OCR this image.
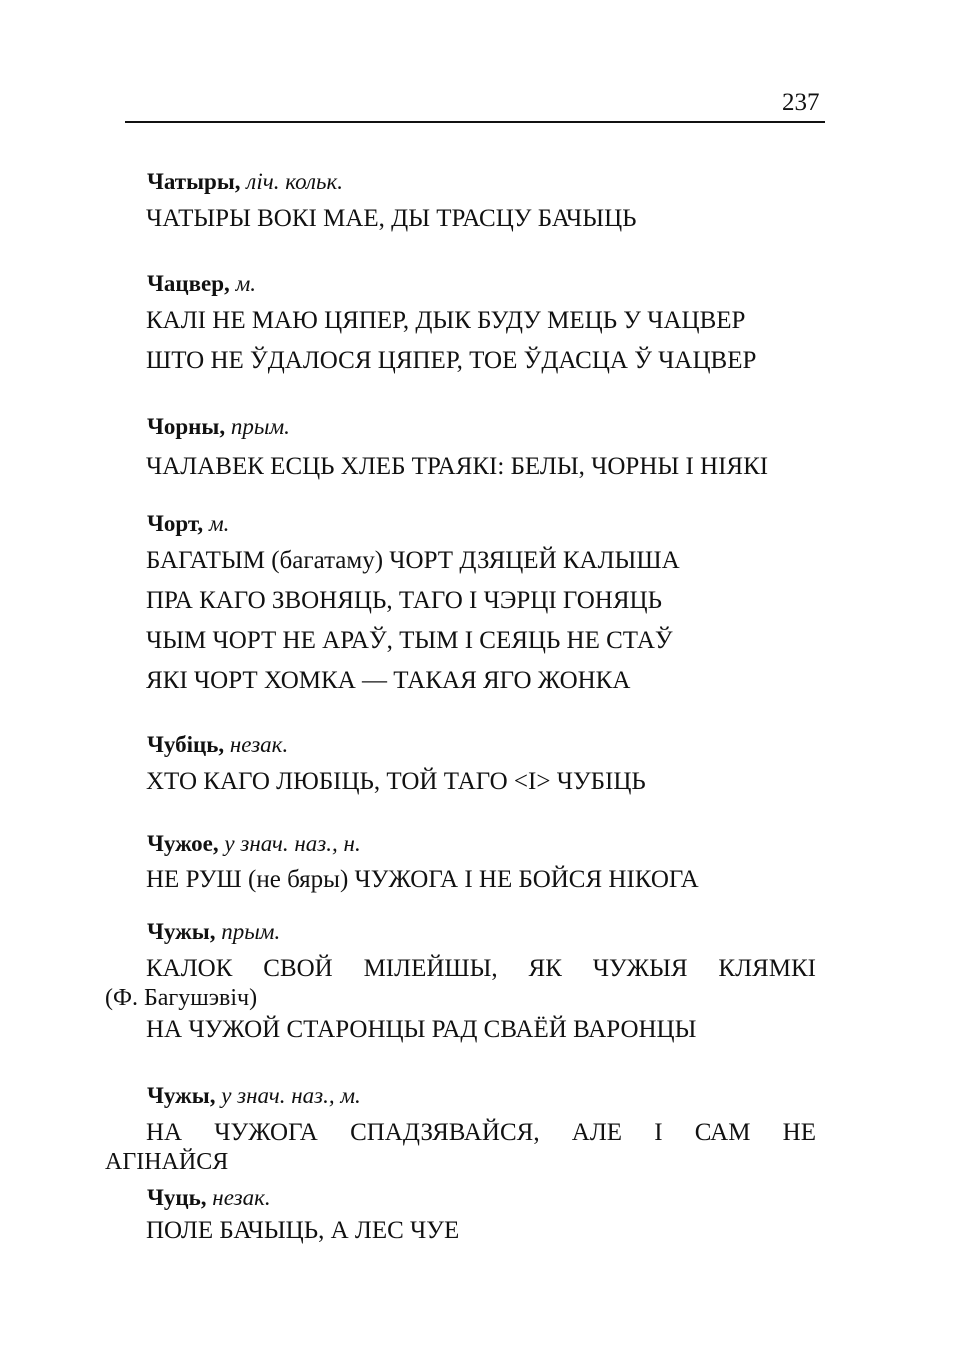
237
Чатыры, ліч. кольк.
ЧАТЫРЫ ВОКІ МАЕ, ДЫ ТРАСЦУ БАЧЫЦЬ
Чацвер, м.
КАЛІ НЕ МАЮ ЦЯПЕР, ДЫК БУДУ МЕЦЬ У ЧАЦВЕР
ШТО НЕ ЎДАЛОСЯ ЦЯПЕР, ТОЕ ЎДАСЦА Ў ЧАЦВЕР
Чорны, прым.
ЧАЛАВЕК ЕСЦЬ ХЛЕБ ТРАЯКІ: БЕЛЫ, ЧОРНЫ І НІЯКІ
Чорт, м.
БАГАТЫМ (багатаму) ЧОРТ ДЗЯЦЕЙ КАЛЫША
ПРА КАГО ЗВОНЯЦЬ, ТАГО І ЧЭРЦІ ГОНЯЦЬ
ЧЫМ ЧОРТ НЕ АРАЎ, ТЫМ І СЕЯЦЬ НЕ СТАЎ
ЯКІ ЧОРТ ХОМКА — ТАКАЯ ЯГО ЖОНКА
Чубіць, незак.
ХТО КАГО ЛЮБІЦЬ, ТОЙ ТАГО <І> ЧУБІЦЬ
Чужое, у знач. наз., н.
НЕ РУШ (не бяры) ЧУЖОГА І НЕ БОЙСЯ НІКОГА
Чужы, прым.
КАЛОК СВОЙ МІЛЕЙШЫ, ЯК ЧУЖЫЯ КЛЯМКІ
(Ф. Багушэвіч)
НА ЧУЖОЙ СТАРОНЦЫ РАД СВАЁЙ ВАРОНЦЫ
Чужы, у знач. наз., м.
НА ЧУЖОГА СПАДЗЯВАЙСЯ, АЛЕ І САМ НЕ
АГІНАЙСЯ
Чуць, незак.
ПОЛЕ БАЧЫЦЬ, А ЛЕС ЧУЕ
